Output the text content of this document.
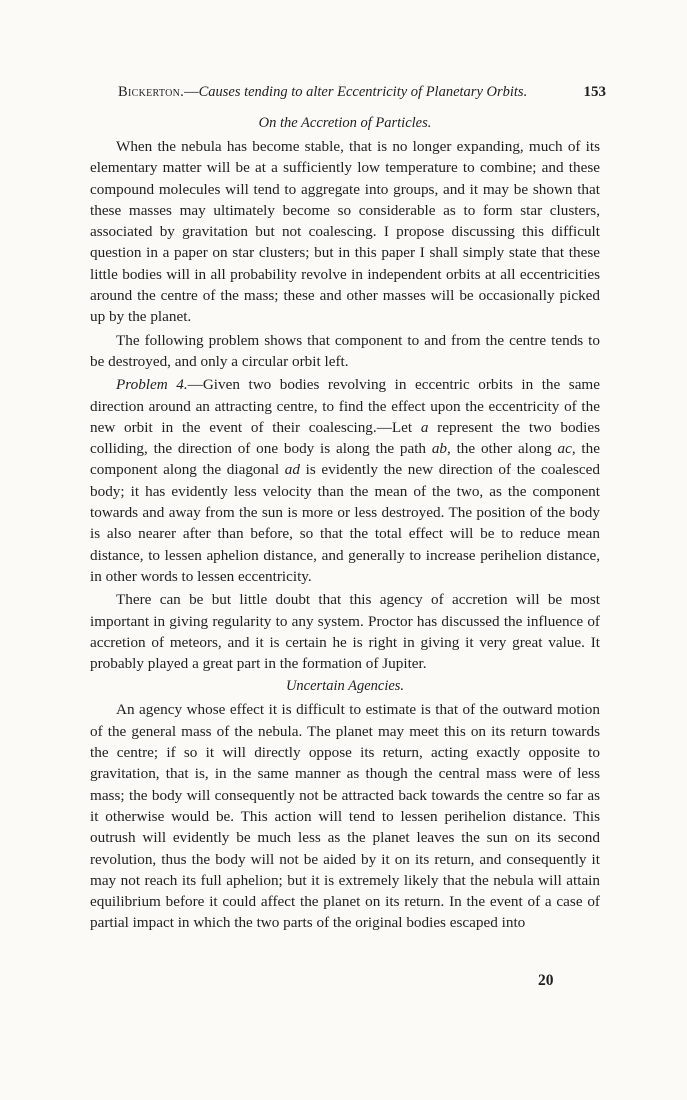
Bickerton.—Causes tending to alter Eccentricity of Planetary Orbits.	153
On the Accretion of Particles.

When the nebula has become stable, that is no longer expanding, much of its elementary matter will be at a sufficiently low temperature to combine; and these compound molecules will tend to aggregate into groups, and it may be shown that these masses may ultimately become so considerable as to form star clusters, associated by gravitation but not coalescing. I propose discussing this difficult question in a paper on star clusters; but in this paper I shall simply state that these little bodies will in all probability revolve in independent orbits at all eccentricities around the centre of the mass; these and other masses will be occasionally picked up by the planet.

The following problem shows that component to and from the centre tends to be destroyed, and only a circular orbit left.

Problem 4.—Given two bodies revolving in eccentric orbits in the same direction around an attracting centre, to find the effect upon the eccentricity of the new orbit in the event of their coalescing.—Let a represent the two bodies colliding, the direction of one body is along the path ab, the other along ac, the component along the diagonal ad is evidently the new direction of the coalesced body; it has evidently less velocity than the mean of the two, as the component towards and away from the sun is more or less destroyed. The position of the body is also nearer after than before, so that the total effect will be to reduce mean distance, to lessen aphelion distance, and generally to increase perihelion distance, in other words to lessen eccentricity.

There can be but little doubt that this agency of accretion will be most important in giving regularity to any system. Proctor has discussed the influence of accretion of meteors, and it is certain he is right in giving it very great value. It probably played a great part in the formation of Jupiter.

Uncertain Agencies.

An agency whose effect it is difficult to estimate is that of the outward motion of the general mass of the nebula. The planet may meet this on its return towards the centre; if so it will directly oppose its return, acting exactly opposite to gravitation, that is, in the same manner as though the central mass were of less mass; the body will consequently not be attracted back towards the centre so far as it otherwise would be. This action will tend to lessen perihelion distance. This outrush will evidently be much less as the planet leaves the sun on its second revolution, thus the body will not be aided by it on its return, and consequently it may not reach its full aphelion; but it is extremely likely that the nebula will attain equilibrium before it could affect the planet on its return. In the event of a case of partial impact in which the two parts of the original bodies escaped into

20
